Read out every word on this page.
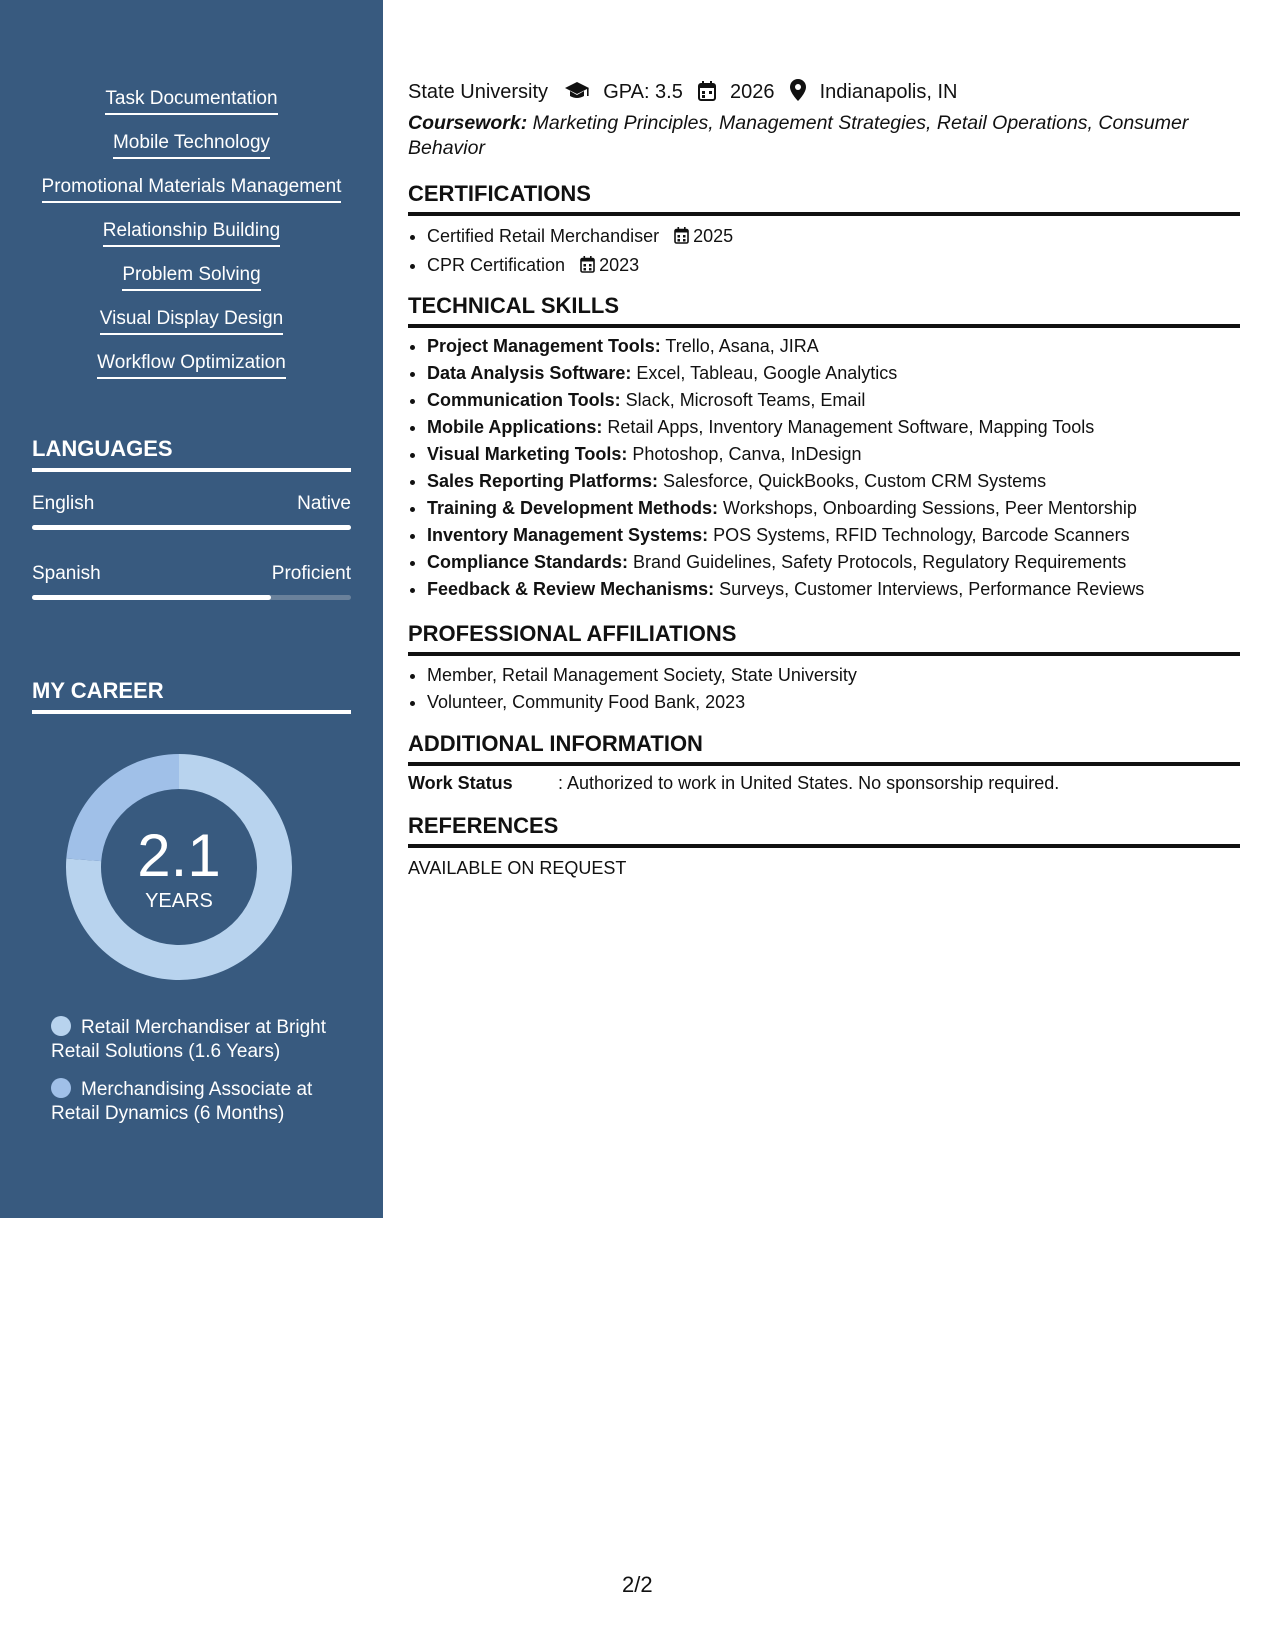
Task Documentation
Mobile Technology
Promotional Materials Management
Relationship Building
Problem Solving
Visual Display Design
Workflow Optimization
LANGUAGES
English	Native
Spanish	Proficient
MY CAREER
2.1
YEARS
Retail Merchandiser at Bright Retail Solutions (1.6 Years)
Merchandising Associate at Retail Dynamics (6 Months)
State University	GPA: 3.5 2026 Indianapolis, IN
Coursework: Marketing Principles, Management Strategies, Retail Operations, Consumer Behavior
CERTIFICATIONS
• Certified Retail Merchandiser 2025
• CPR Certification 2023
TECHNICAL SKILLS
• Project Management Tools: Trello, Asana, JIRA
• Data Analysis Software: Excel, Tableau, Google Analytics
• Communication Tools: Slack, Microsoft Teams, Email
• Mobile Applications: Retail Apps, Inventory Management Software, Mapping Tools
• Visual Marketing Tools: Photoshop, Canva, InDesign
• Sales Reporting Platforms: Salesforce, QuickBooks, Custom CRM Systems
• Training & Development Methods: Workshops, Onboarding Sessions, Peer Mentorship
• Inventory Management Systems: POS Systems, RFID Technology, Barcode Scanners
• Compliance Standards: Brand Guidelines, Safety Protocols, Regulatory Requirements
• Feedback & Review Mechanisms: Surveys, Customer Interviews, Performance Reviews
PROFESSIONAL AFFILIATIONS
• Member, Retail Management Society, State University
• Volunteer, Community Food Bank, 2023
ADDITIONAL INFORMATION
Work Status	: Authorized to work in United States. No sponsorship required.
REFERENCES
AVAILABLE ON REQUEST
2/2
